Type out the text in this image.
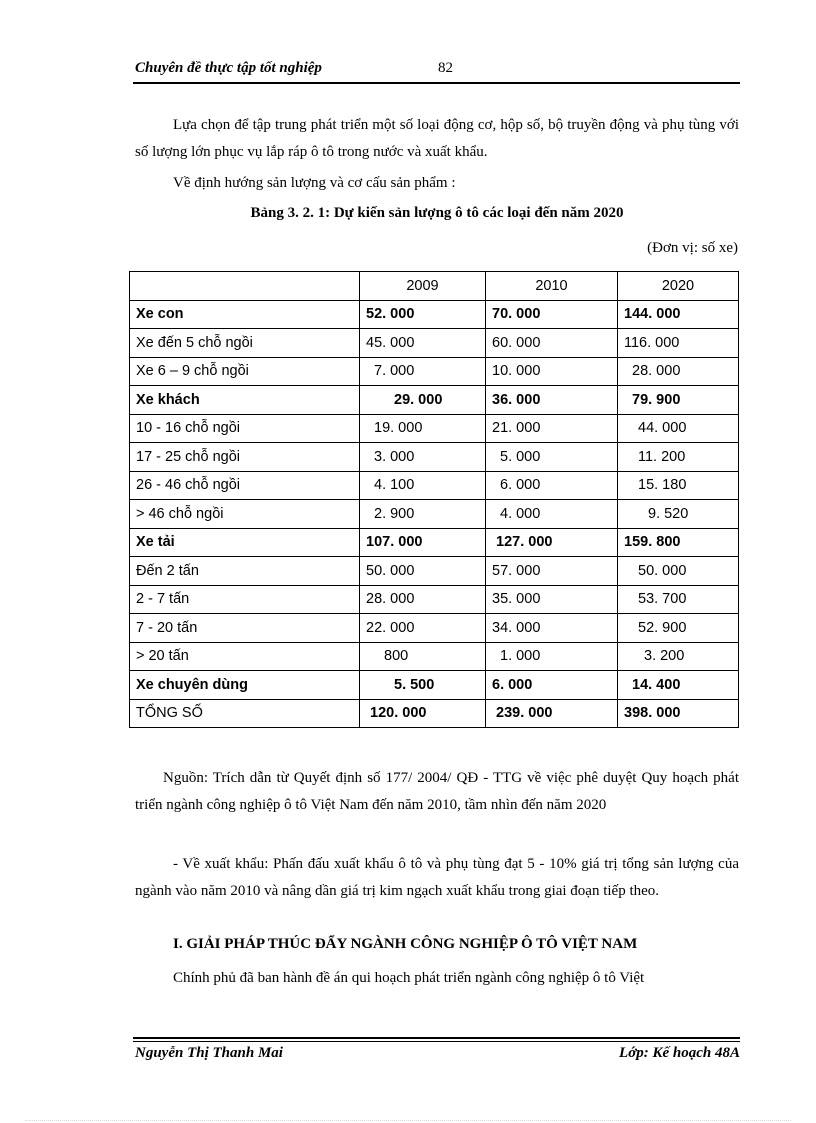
Chuyên đề thực tập tốt nghiệp	82
Lựa chọn để tập trung phát triển một số loại động cơ, hộp số, bộ truyền động và phụ tùng với số lượng lớn phục vụ lắp ráp ô tô trong nước và xuất khẩu.
Về định hướng sản lượng và cơ cấu sản phẩm :
Bảng 3. 2. 1: Dự kiến sản lượng ô tô các loại đến năm 2020
(Đơn vị: số xe)
	2009	2010	2020
Xe con	52. 000	70. 000	144. 000
Xe đến 5 chỗ ngồi	45. 000	60. 000	116. 000
Xe 6 – 9 chỗ ngồi	7. 000	10. 000	28. 000
Xe khách	29. 000	36. 000	79. 900
10 - 16 chỗ ngồi	19. 000	21. 000	44. 000
17 - 25 chỗ ngồi	3. 000	5. 000	11. 200
26 - 46 chỗ ngồi	4. 100	6. 000	15. 180
> 46 chỗ ngồi	2. 900	4. 000	9. 520
Xe tải	107. 000	127. 000	159. 800
Đến 2 tấn	50. 000	57. 000	50. 000
2 - 7 tấn	28. 000	35. 000	53. 700
7 - 20 tấn	22. 000	34. 000	52. 900
> 20 tấn	800	1. 000	3. 200
Xe chuyên dùng	5. 500	6. 000	14. 400
TỔNG SỐ	120. 000	239. 000	398. 000
Nguồn: Trích dẫn từ Quyết định số 177/ 2004/ QĐ - TTG về việc phê duyệt Quy hoạch phát triển ngành công nghiệp ô tô Việt Nam đến năm 2010, tầm nhìn đến năm 2020
- Về xuất khẩu: Phấn đấu xuất khẩu ô tô và phụ tùng đạt 5 - 10% giá trị tổng sản lượng của ngành vào năm 2010 và nâng dần giá trị kim ngạch xuất khẩu trong giai đoạn tiếp theo.
I. GIẢI PHÁP THÚC ĐẨY NGÀNH CÔNG NGHIỆP Ô TÔ VIỆT NAM
Chính phủ đã ban hành đề án qui hoạch phát triển ngành công nghiệp ô tô Việt
Nguyễn Thị Thanh Mai	Lớp: Kế hoạch 48A
